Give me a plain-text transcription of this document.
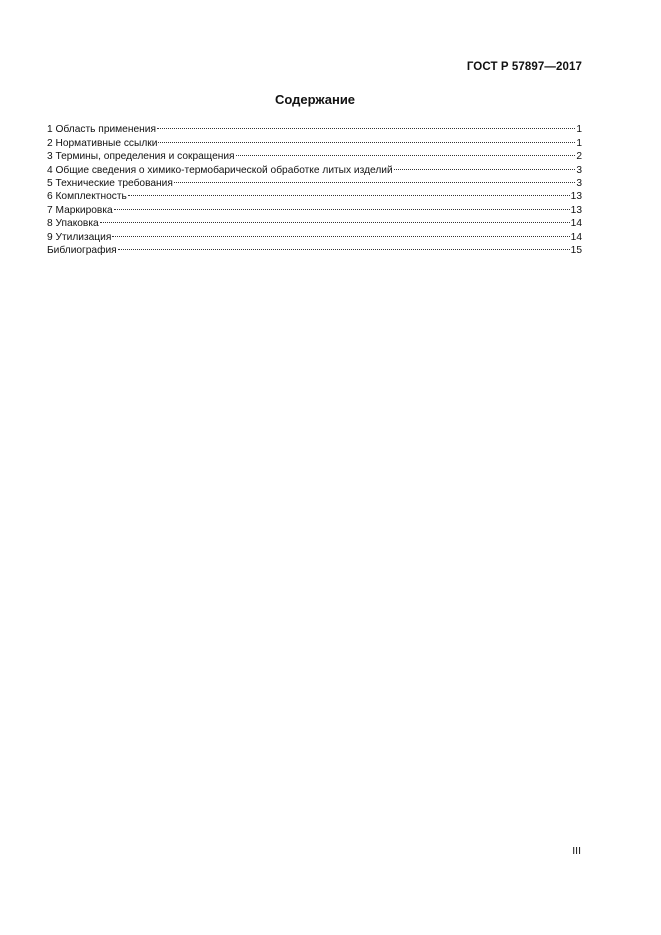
ГОСТ Р 57897—2017
Содержание
1 Область применения	1
2 Нормативные ссылки	1
3 Термины, определения и сокращения	2
4 Общие сведения о химико-термобарической обработке литых изделий	3
5 Технические требования	3
6 Комплектность	13
7 Маркировка	13
8 Упаковка	14
9 Утилизация	14
Библиография	15
III
